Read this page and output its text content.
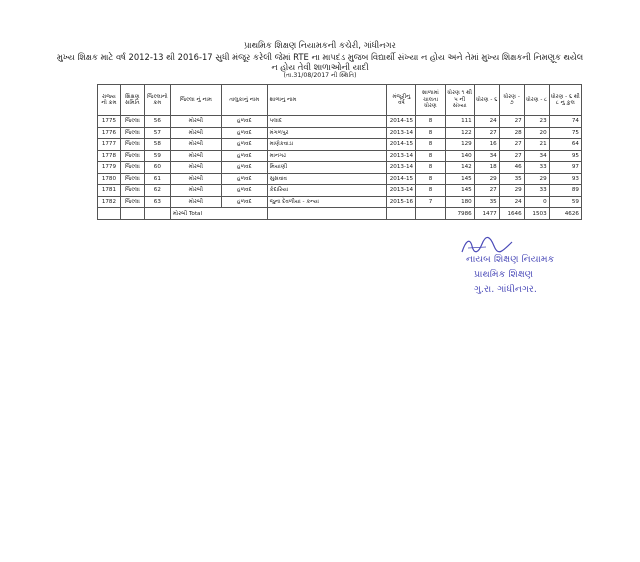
પ્રાથમિક શિક્ષણ નિયામકની કચેરી, ગાંધીનગર
મુખ્ય શિક્ષક માટે વર્ષ 2012-13 થી 2016-17 સુધી મંજૂર કરેલી જેમાં RTE ના માપદંડ મુજબ વિદ્યાર્થી સંખ્યા ન હોય અને તેમાં મુખ્ય શિક્ષકની નિમણૂક થયેલ
ન હોય તેવી શાળાઓની યાદી
(તા.31/08/2017 ની સ્થિતિ)
રાજ્ય નો ક્રમ	શિક્ષણ સમિતિ	જિલ્લાનો ક્રમ	જિલ્લા નું નામ	તાલુકાનું નામ	શાળાનુ નામ	મંજૂરીનુ વર્ષ	શાળામાં ચાલતા ધોરણ	ધોરણ ૧ થી ૫ ની સંખ્યા	ધોરણ - ૬	ધોરણ - ૭	ધોરણ - ૮	ધોરણ - ૬ થી ૮ નુ કુલ
1775	જિલ્લા	56	મોરબી	હળવદ	પલાદ	2014-15	8	111	24	27	23	74
1776	જિલ્લા	57	મોરબી	હળવદ	મંગળપુર	2013-14	8	122	27	28	20	75
1777	જિલ્લા	58	મોરબી	હળવદ	માણેકવાડા	2014-15	8	129	16	27	21	64
1778	જિલ્લા	59	મોરબી	હળવદ	માનગઢ	2013-14	8	140	34	27	34	95
1779	જિલ્લા	60	મોરબી	હળવદ	મિયાણી	2013-14	8	142	18	46	33	97
1780	જિલ્લા	61	મોરબી	હળવદ	સુસવાવ	2014-15	8	145	29	35	29	93
1781	જિલ્લા	62	મોરબી	હળવદ	કેદારિયા	2013-14	8	145	27	29	33	89
1782	જિલ્લા	63	મોરબી	હળવદ	જુના દેવળીયા - કન્યા	2015-16	7	180	35	24	0	59
			મોરબી Total					7986	1477	1646	1503	4626
નાયબ શિક્ષણ નિયામક
પ્રાથમિક શિક્ષણ
ગુ.રા. ગાંધીનગર.
